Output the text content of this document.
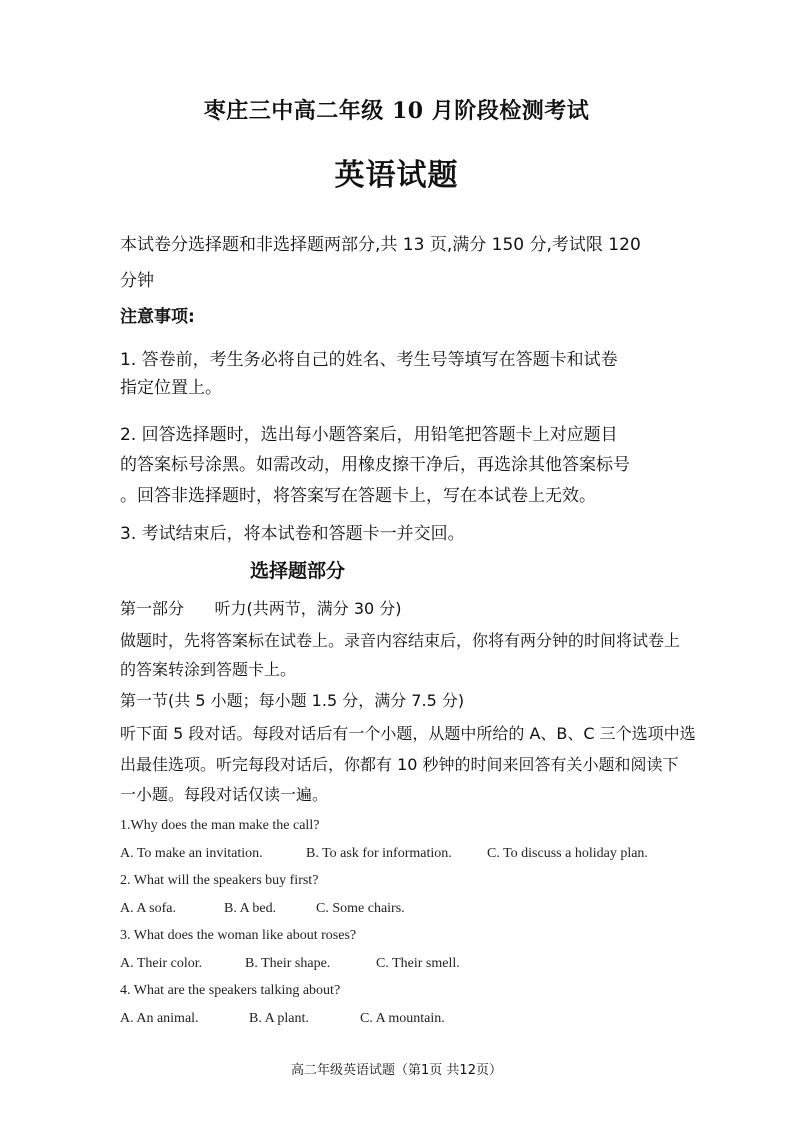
枣庄三中高二年级 10 月阶段检测考试
英语试题
本试卷分选择题和非选择题两部分,共 13 页,满分 150 分,考试限 120
分钟
注意事项:
1. 答卷前，考生务必将自己的姓名、考生号等填写在答题卡和试卷
指定位置上。
2. 回答选择题时，选出每小题答案后，用铅笔把答题卡上对应题目
的答案标号涂黑。如需改动，用橡皮擦干净后，再选涂其他答案标号
。回答非选择题时，将答案写在答题卡上，写在本试卷上无效。
3. 考试结束后，将本试卷和答题卡一并交回。
选择题部分
第一部分      听力(共两节，满分 30 分)
做题时，先将答案标在试卷上。录音内容结束后，你将有两分钟的时间将试卷上
的答案转涂到答题卡上。
第一节(共 5 小题；每小题 1.5 分，满分 7.5 分)
听下面 5 段对话。每段对话后有一个小题，从题中所给的 A、B、C 三个选项中选
出最佳选项。听完每段对话后，你都有 10 秒钟的时间来回答有关小题和阅读下
一小题。每段对话仅读一遍。
1.Why does the man make the call?
A. To make an invitation.	B. To ask for information.	C. To discuss a holiday plan.
2. What will the speakers buy first?
A. A sofa.	B. A bed.	C. Some chairs.
3. What does the woman like about roses?
A. Their color.	B. Their shape.	C. Their smell.
4. What are the speakers talking about?
A. An animal.	B. A plant.	C. A mountain.
高二年级英语试题（第1页 共12页）
